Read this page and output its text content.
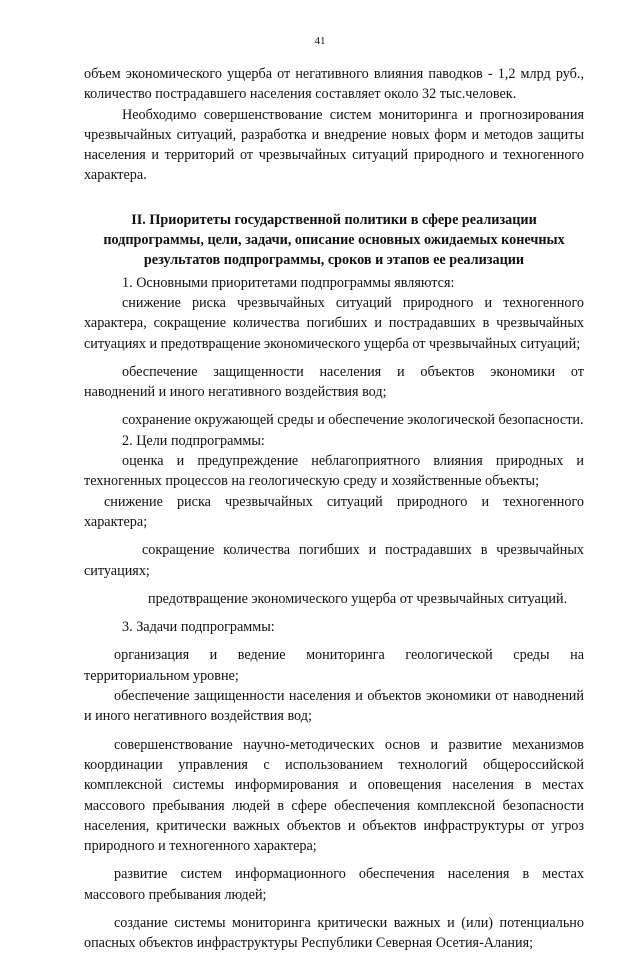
41

объем экономического ущерба от негативного влияния паводков - 1,2 млрд руб., количество пострадавшего населения составляет около 32 тыс.человек.

Необходимо совершенствование систем мониторинга и прогнозирования чрезвычайных ситуаций, разработка и внедрение новых форм и методов защиты населения и территорий от чрезвычайных ситуаций природного и техногенного характера.

II. Приоритеты государственной политики в сфере реализации
подпрограммы, цели, задачи, описание основных ожидаемых конечных
результатов подпрограммы, сроков и этапов ее реализации

1. Основными приоритетами подпрограммы являются:

снижение риска чрезвычайных ситуаций природного и техногенного характера, сокращение количества погибших и пострадавших в чрезвычайных ситуациях и предотвращение экономического ущерба от чрезвычайных ситуаций;

обеспечение защищенности населения и объектов экономики от наводнений и иного негативного воздействия вод;

сохранение окружающей среды и обеспечение экологической безопасности.

2. Цели подпрограммы:

оценка и предупреждение неблагоприятного влияния природных и техногенных процессов на геологическую среду и хозяйственные объекты;

снижение риска чрезвычайных ситуаций природного и техногенного характера;

сокращение количества погибших и пострадавших в чрезвычайных ситуациях;

предотвращение экономического ущерба от чрезвычайных ситуаций.

3. Задачи подпрограммы:

организация и ведение мониторинга геологической среды на территориальном уровне;

обеспечение защищенности населения и объектов экономики от наводнений и иного негативного воздействия вод;

совершенствование научно-методических основ и развитие механизмов координации управления с использованием технологий общероссийской комплексной системы информирования и оповещения населения в местах массового пребывания людей в сфере обеспечения комплексной безопасности населения, критически важных объектов и объектов инфраструктуры от угроз природного и техногенного характера;

развитие систем информационного обеспечения населения в местах массового пребывания людей;

создание системы мониторинга критически важных и (или) потенциально опасных объектов инфраструктуры Республики Северная Осетия-Алания;
